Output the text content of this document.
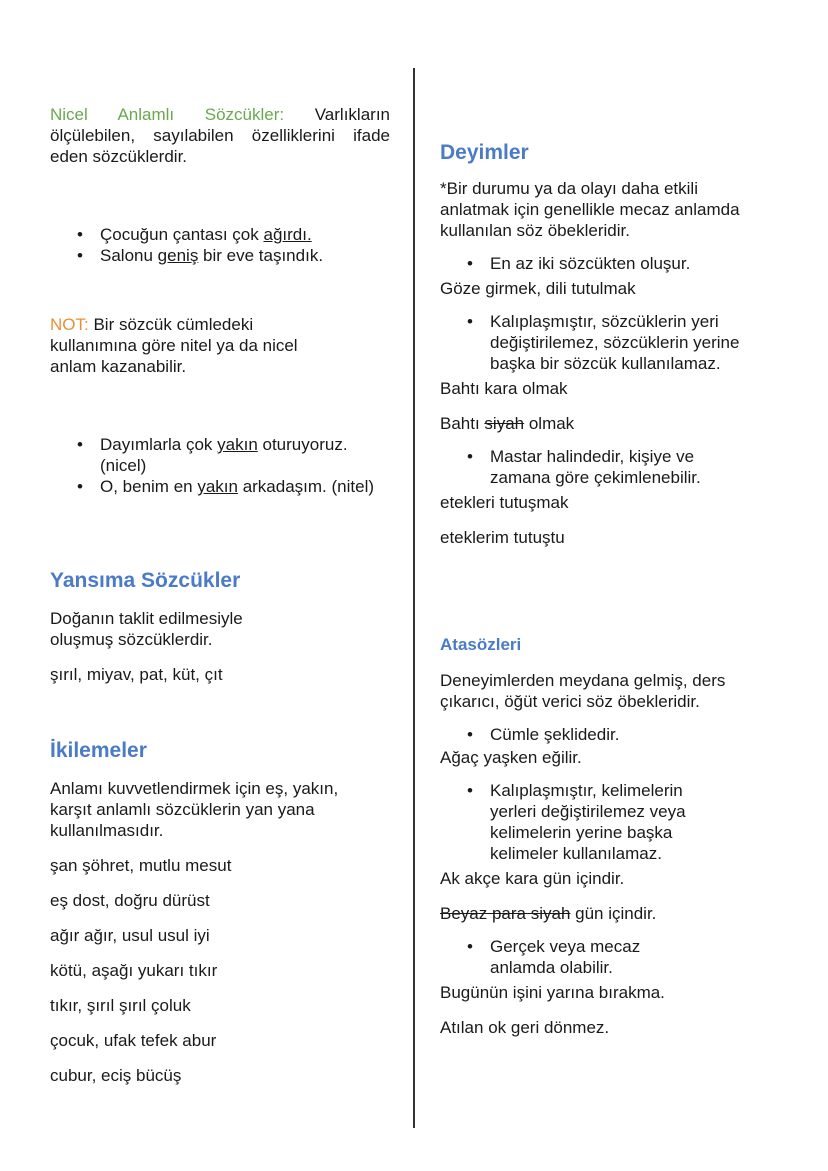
Nicel Anlamlı Sözcükler: Varlıkların ölçülebilen, sayılabilen özelliklerini ifade eden sözcüklerdir.

• Çocuğun çantası çok ağırdı.
• Salonu geniş bir eve taşındık.

NOT: Bir sözcük cümledeki kullanımına göre nitel ya da nicel anlam kazanabilir.

• Dayımlarla çok yakın oturuyoruz. (nicel)
• O, benim en yakın arkadaşım. (nitel)
Yansıma Sözcükler

Doğanın taklit edilmesiyle oluşmuş sözcüklerdir.

şırıl, miyav, pat, küt, çıt

İkilemeler

Anlamı kuvvetlendirmek için eş, yakın, karşıt anlamlı sözcüklerin yan yana kullanılmasıdır.

şan şöhret, mutlu mesut

eş dost, doğru dürüst

ağır ağır, usul usul iyi

kötü, aşağı yukarı tıkır

tıkır, şırıl şırıl çoluk

çocuk, ufak tefek abur

cubur, eciş bücüş

Deyimler

*Bir durumu ya da olayı daha etkili anlatmak için genellikle mecaz anlamda kullanılan söz öbekleridir.

• En az iki sözcükten oluşur.

Göze girmek, dili tutulmak

• Kalıplaşmıştır, sözcüklerin yeri değiştirilemez, sözcüklerin yerine başka bir sözcük kullanılamaz.

Bahtı kara olmak

Bahtı siyah olmak

• Mastar halindedir, kişiye ve zamana göre çekimlenebilir.

etekleri tutuşmak

eteklerim tutuştu

Atasözleri

Deneyimlerden meydana gelmiş, ders çıkarıcı, öğüt verici söz öbekleridir.

• Cümle şeklidedir.

Ağaç yaşken eğilir.

• Kalıplaşmıştır, kelimelerin yerleri değiştirilemez veya kelimelerin yerine başka kelimeler kullanılamaz.

Ak akçe kara gün içindir.

Beyaz para siyah gün içindir.

• Gerçek veya mecaz anlamda olabilir.

Bugünün işini yarına bırakma.

Atılan ok geri dönmez.
